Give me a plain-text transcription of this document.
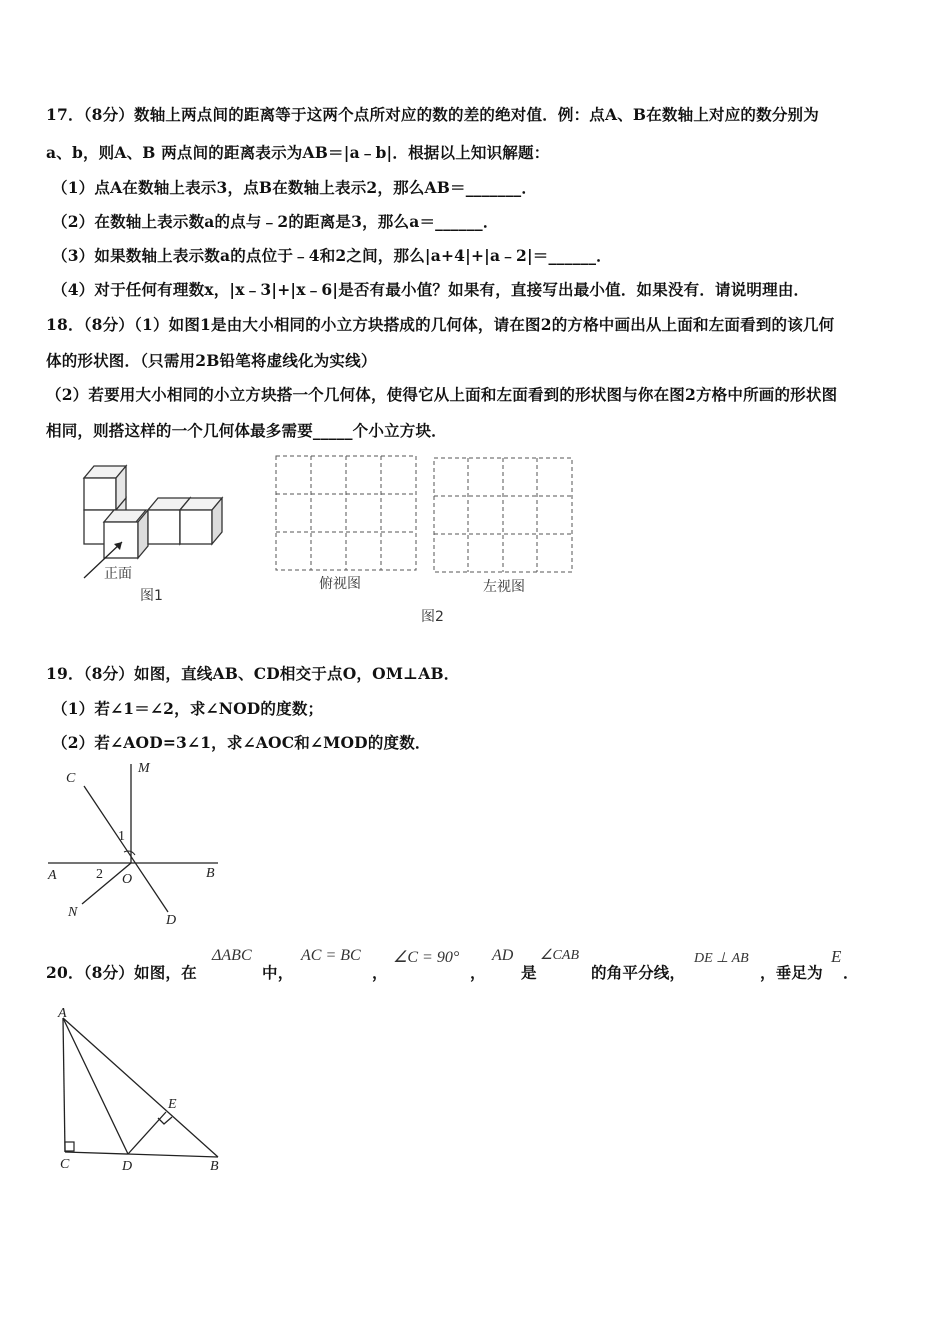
17．（8分）数轴上两点间的距离等于这两个点所对应的数的差的绝对值．例：点A、B在数轴上对应的数分别为
a、b，则A、B 两点间的距离表示为AB＝|a﹣b|．根据以上知识解题：
（1）点A在数轴上表示3，点B在数轴上表示2，那么AB＝_______．
（2）在数轴上表示数a的点与﹣2的距离是3，那么a＝______．
（3）如果数轴上表示数a的点位于﹣4和2之间，那么|a+4|+|a﹣2|＝______．
（4）对于任何有理数x，|x﹣3|+|x﹣6|是否有最小值？如果有，直接写出最小值．如果没有．请说明理由．
18．（8分）（1）如图1是由大小相同的小立方块搭成的几何体，请在图2的方格中画出从上面和左面看到的该几何
体的形状图．（只需用2B铅笔将虚线化为实线）
（2）若要用大小相同的小立方块搭一个几何体，使得它从上面和左面看到的形状图与你在图2方格中所画的形状图
相同，则搭这样的一个几何体最多需要_____个小立方块．
正面
图1
俯视图	左视图
图2
19．（8分）如图，直线AB、CD相交于点O，OM⊥AB．
（1）若∠1＝∠2，求∠NOD的度数；
（2）若∠AOD=3∠1，求∠AOC和∠MOD的度数．
C
M
A	B
O
N
D
1
2
20．（8分）如图，在
ΔABC
中，
AC = BC
，
∠C = 90°
，
AD
是
∠CAB
的角平分线，
DE ⊥ AB
，垂足为
E
．
A
C	D
E
B
